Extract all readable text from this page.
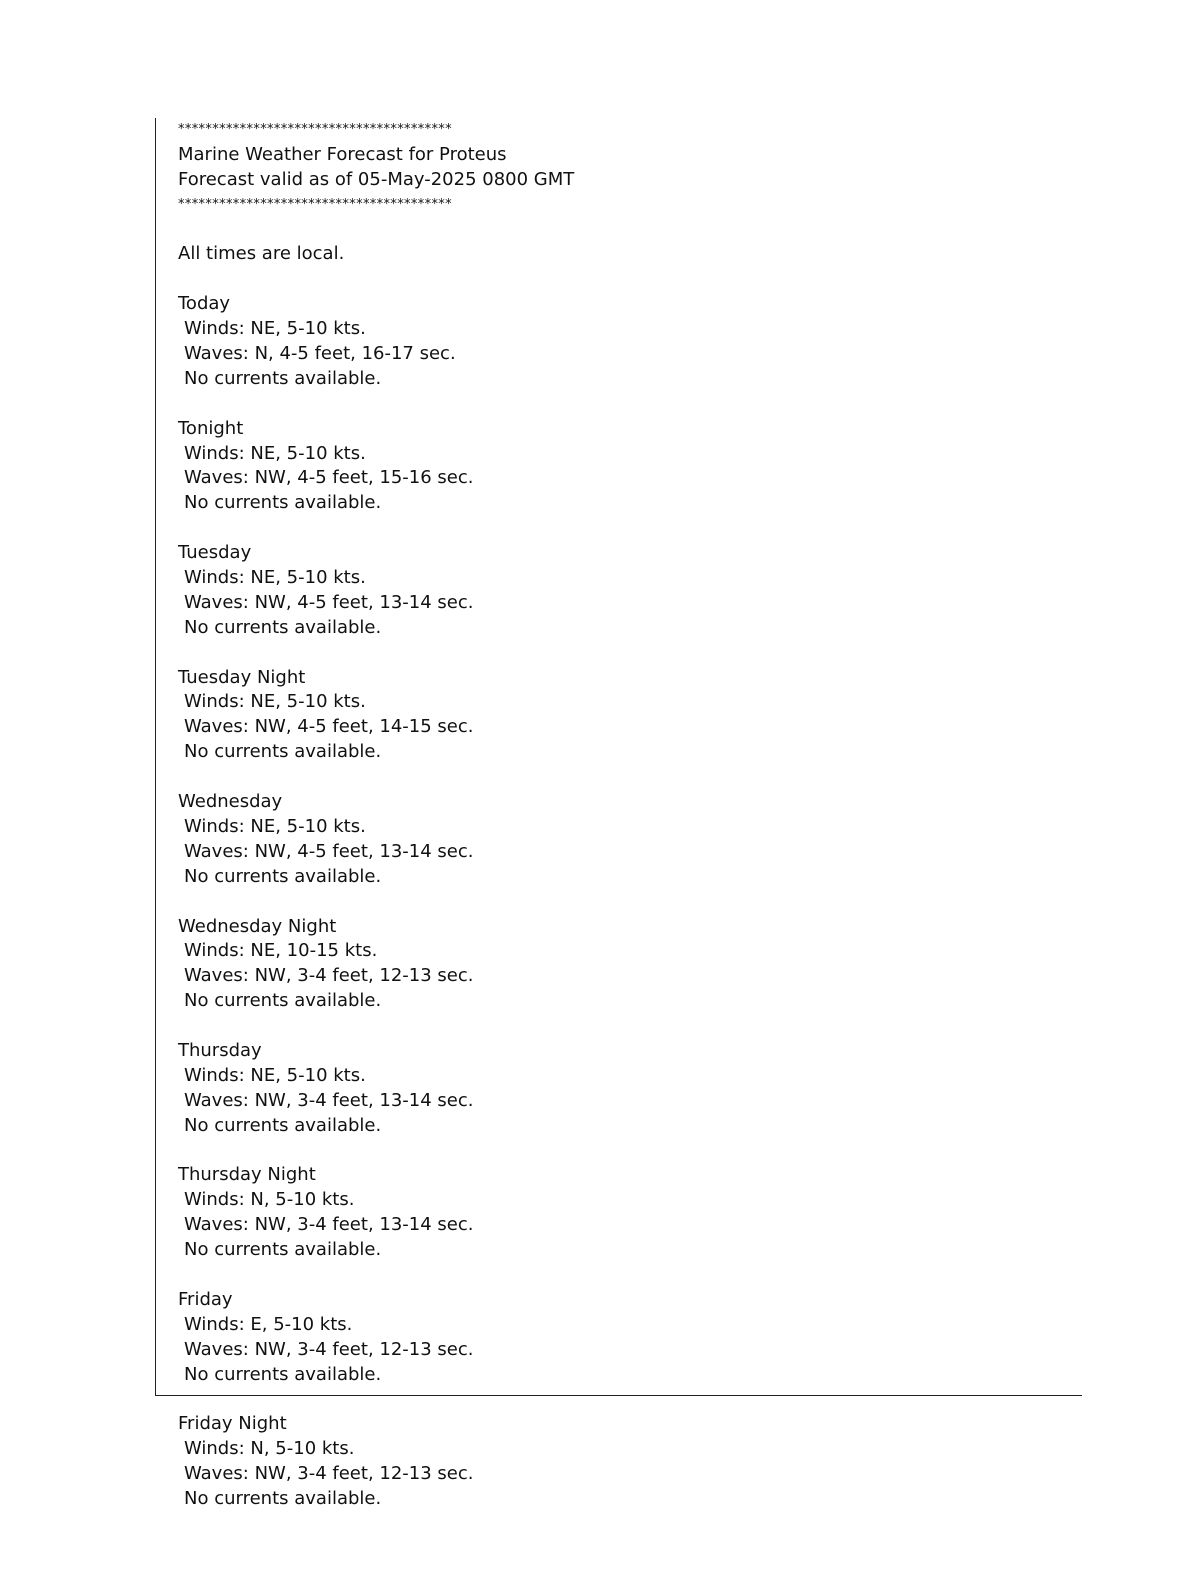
****************************************
Marine Weather Forecast for Proteus
Forecast valid as of 05-May-2025 0800 GMT
****************************************
All times are local.
Today
Winds: NE, 5-10 kts.
Waves: N, 4-5 feet, 16-17 sec.
No currents available.
Tonight
Winds: NE, 5-10 kts.
Waves: NW, 4-5 feet, 15-16 sec.
No currents available.
Tuesday
Winds: NE, 5-10 kts.
Waves: NW, 4-5 feet, 13-14 sec.
No currents available.
Tuesday Night
Winds: NE, 5-10 kts.
Waves: NW, 4-5 feet, 14-15 sec.
No currents available.
Wednesday
Winds: NE, 5-10 kts.
Waves: NW, 4-5 feet, 13-14 sec.
No currents available.
Wednesday Night
Winds: NE, 10-15 kts.
Waves: NW, 3-4 feet, 12-13 sec.
No currents available.
Thursday
Winds: NE, 5-10 kts.
Waves: NW, 3-4 feet, 13-14 sec.
No currents available.
Thursday Night
Winds: N, 5-10 kts.
Waves: NW, 3-4 feet, 13-14 sec.
No currents available.
Friday
Winds: E, 5-10 kts.
Waves: NW, 3-4 feet, 12-13 sec.
No currents available.
Friday Night
Winds: N, 5-10 kts.
Waves: NW, 3-4 feet, 12-13 sec.
No currents available.
